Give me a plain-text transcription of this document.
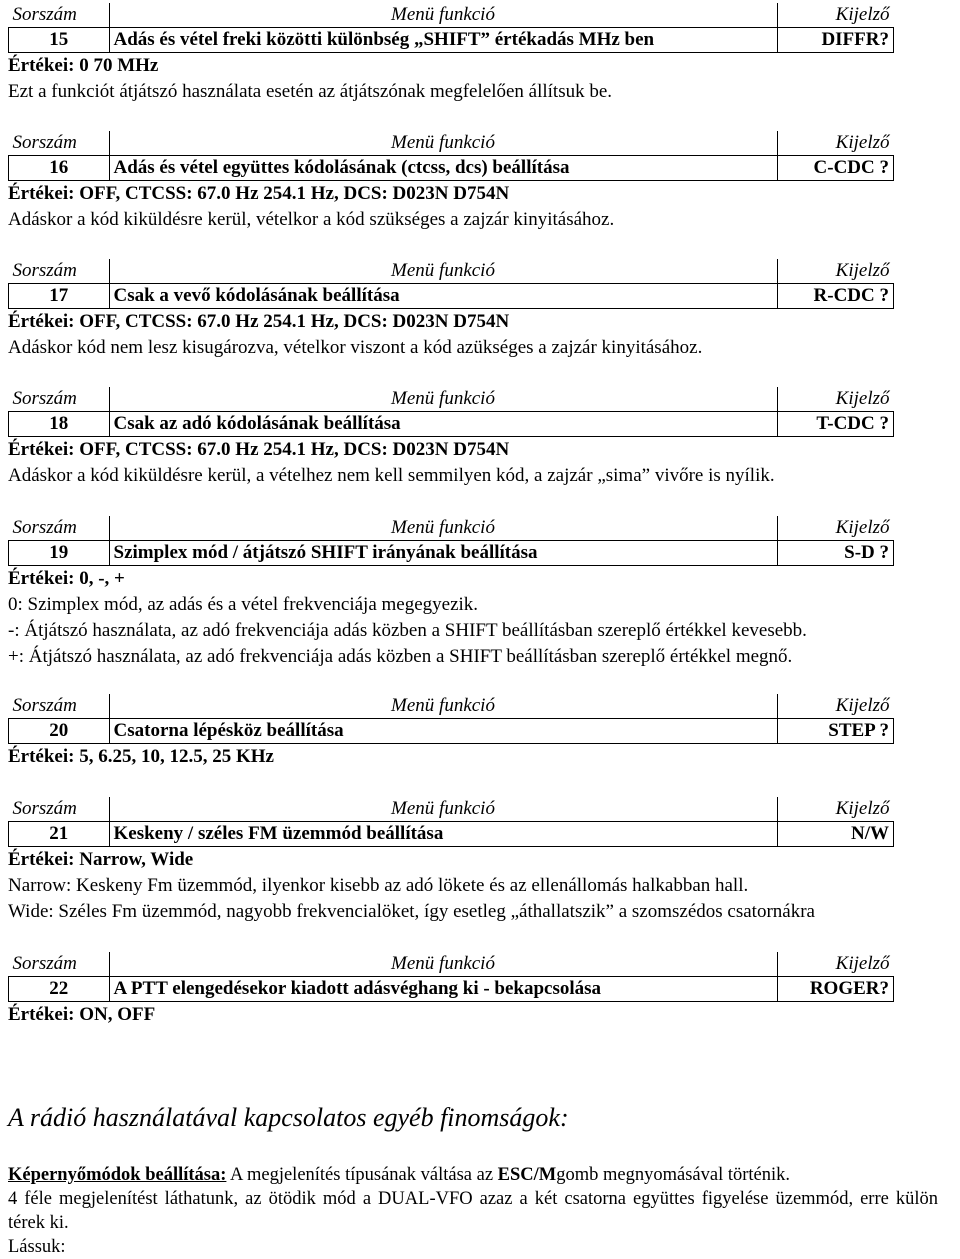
Sorszám	Menü funkció	Kijelző
15	Adás és vétel freki közötti különbség „SHIFT” értékadás MHz ben	DIFFR?
Értékei: 0 70 MHz
Ezt a funkciót átjátszó használata esetén az átjátszónak megfelelően állítsuk be.
Sorszám	Menü funkció	Kijelző
16	Adás és vétel együttes kódolásának (ctcss, dcs) beállítása	C-CDC ?
Értékei: OFF, CTCSS: 67.0 Hz 254.1 Hz, DCS: D023N D754N
Adáskor a kód kiküldésre kerül, vételkor a kód szükséges a zajzár kinyitásához.
Sorszám	Menü funkció	Kijelző
17	Csak a vevő kódolásának beállítása	R-CDC ?
Értékei: OFF, CTCSS: 67.0 Hz 254.1 Hz, DCS: D023N D754N
Adáskor kód nem lesz kisugározva, vételkor viszont a kód azükséges a zajzár kinyitásához.
Sorszám	Menü funkció	Kijelző
18	Csak az adó kódolásának beállítása	T-CDC ?
Értékei: OFF, CTCSS: 67.0 Hz 254.1 Hz, DCS: D023N D754N
Adáskor a kód kiküldésre kerül, a vételhez nem kell semmilyen kód, a zajzár „sima” vivőre is nyílik.
Sorszám	Menü funkció	Kijelző
19	Szimplex mód / átjátszó SHIFT irányának beállítása	S-D ?
Értékei: 0, -, +
0: Szimplex mód, az adás és a vétel frekvenciája megegyezik.
-: Átjátszó használata, az adó frekvenciája adás közben a SHIFT beállításban szereplő értékkel kevesebb.
+: Átjátszó használata, az adó frekvenciája adás közben a SHIFT beállításban szereplő értékkel megnő.
Sorszám	Menü funkció	Kijelző
20	Csatorna lépésköz beállítása	STEP ?
Értékei: 5, 6.25, 10, 12.5, 25 KHz
Sorszám	Menü funkció	Kijelző
21	Keskeny / széles FM üzemmód beállítása	N/W
Értékei: Narrow, Wide
Narrow: Keskeny Fm üzemmód, ilyenkor kisebb az adó lökete és az ellenállomás halkabban hall.
Wide: Széles Fm üzemmód, nagyobb frekvencialöket, így esetleg „áthallatszik” a szomszédos csatornákra
Sorszám	Menü funkció	Kijelző
22	A PTT elengedésekor kiadott adásvéghang ki - bekapcsolása	ROGER?
Értékei: ON, OFF
A rádió használatával kapcsolatos egyéb finomságok:
Képernyőmódok beállítása: A megjelenítés típusának váltása az ESC/Mgomb megnyomásával történik.
4 féle megjelenítést láthatunk, az ötödik mód a DUAL-VFO azaz a két csatorna együttes figyelése üzemmód, erre külön térek ki.
Lássuk:
